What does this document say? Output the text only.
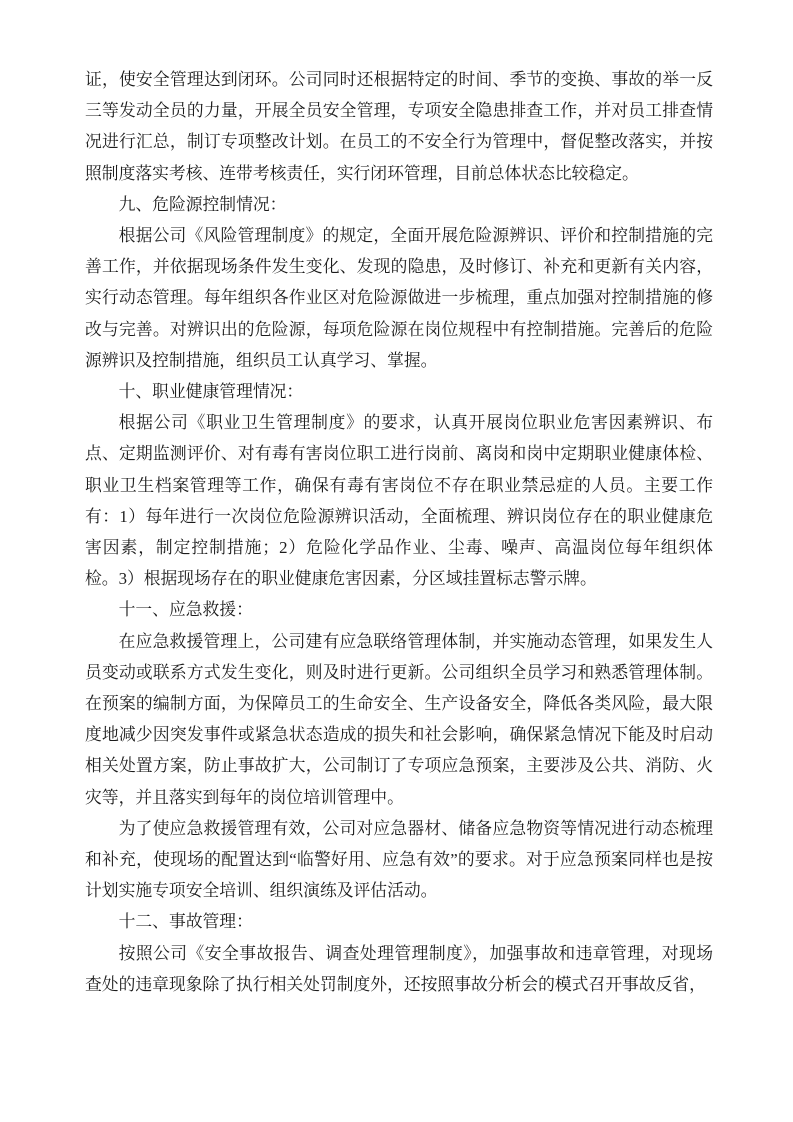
证，使安全管理达到闭环。公司同时还根据特定的时间、季节的变换、事故的举一反三等发动全员的力量，开展全员安全管理，专项安全隐患排查工作，并对员工排查情况进行汇总，制订专项整改计划。在员工的不安全行为管理中，督促整改落实，并按照制度落实考核、连带考核责任，实行闭环管理，目前总体状态比较稳定。

九、危险源控制情况：

根据公司《风险管理制度》的规定，全面开展危险源辨识、评价和控制措施的完善工作，并依据现场条件发生变化、发现的隐患，及时修订、补充和更新有关内容，实行动态管理。每年组织各作业区对危险源做进一步梳理，重点加强对控制措施的修改与完善。对辨识出的危险源，每项危险源在岗位规程中有控制措施。完善后的危险源辨识及控制措施，组织员工认真学习、掌握。

十、职业健康管理情况：

根据公司《职业卫生管理制度》的要求，认真开展岗位职业危害因素辨识、布点、定期监测评价、对有毒有害岗位职工进行岗前、离岗和岗中定期职业健康体检、职业卫生档案管理等工作，确保有毒有害岗位不存在职业禁忌症的人员。主要工作有：1）每年进行一次岗位危险源辨识活动，全面梳理、辨识岗位存在的职业健康危害因素，制定控制措施；2）危险化学品作业、尘毒、噪声、高温岗位每年组织体检。3）根据现场存在的职业健康危害因素，分区域挂置标志警示牌。

十一、应急救援：

在应急救援管理上，公司建有应急联络管理体制，并实施动态管理，如果发生人员变动或联系方式发生变化，则及时进行更新。公司组织全员学习和熟悉管理体制。在预案的编制方面，为保障员工的生命安全、生产设备安全，降低各类风险，最大限度地减少因突发事件或紧急状态造成的损失和社会影响，确保紧急情况下能及时启动相关处置方案，防止事故扩大，公司制订了专项应急预案，主要涉及公共、消防、火灾等，并且落实到每年的岗位培训管理中。

为了使应急救援管理有效，公司对应急器材、储备应急物资等情况进行动态梳理和补充，使现场的配置达到“临警好用、应急有效”的要求。对于应急预案同样也是按计划实施专项安全培训、组织演练及评估活动。

十二、事故管理：

按照公司《安全事故报告、调查处理管理制度》，加强事故和违章管理，对现场查处的违章现象除了执行相关处罚制度外，还按照事故分析会的模式召开事故反省，
